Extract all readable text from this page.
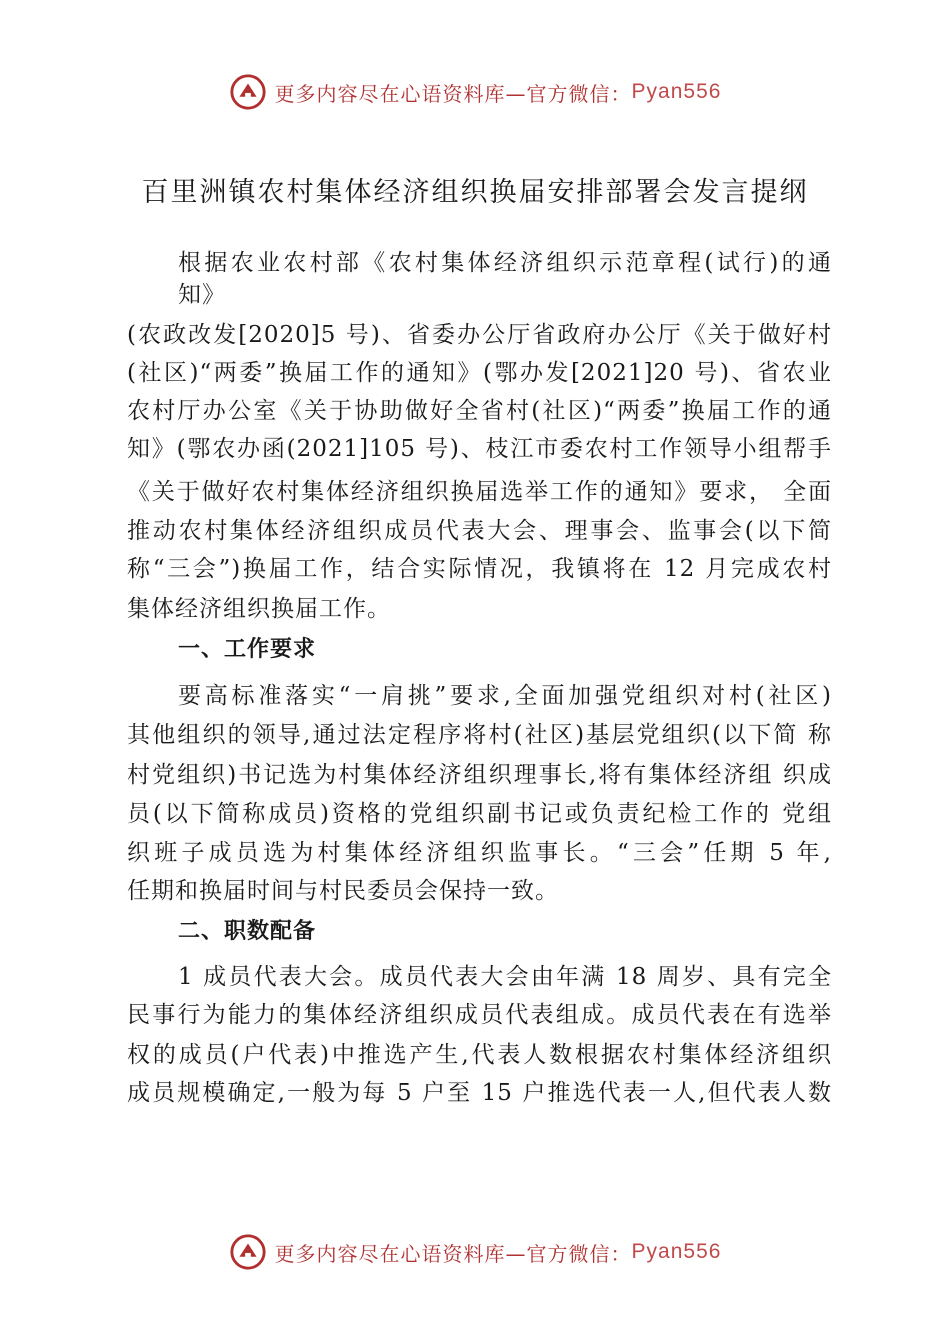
更多内容尽在心语资料库—官方微信： Pyan556
百里洲镇农村集体经济组织换届安排部署会发言提纲
根据农业农村部《农村集体经济组织示范章程(试行)的通
知》
(农政改发[2020]5 号)、省委办公厅省政府办公厅《关于做好村
(社区)“两委”换届工作的通知》(鄂办发[2021]20 号)、省农业
农村厅办公室《关于协助做好全省村(社区)“两委”换届工作的通
知》(鄂农办函(2021]105 号)、枝江市委农村工作领导小组帮手
《关于做好农村集体经济组织换届选举工作的通知》要求， 全面
推动农村集体经济组织成员代表大会、理事会、监事会(以下简
称“三会”)换届工作，结合实际情况，我镇将在 12 月完成农村
集体经济组织换届工作。
一、工作要求
要高标准落实“一肩挑”要求,全面加强党组织对村(社区)
其他组织的领导,通过法定程序将村(社区)基层党组织(以下简 称
村党组织)书记选为村集体经济组织理事长,将有集体经济组 织成
员(以下简称成员)资格的党组织副书记或负责纪检工作的 党组
织班子成员选为村集体经济组织监事长。“三会”任期 5 年,
任期和换届时间与村民委员会保持一致。
二、职数配备
1 成员代表大会。成员代表大会由年满 18 周岁、具有完全
民事行为能力的集体经济组织成员代表组成。成员代表在有选举
权的成员(户代表)中推选产生,代表人数根据农村集体经济组织
成员规模确定,一般为每 5 户至 15 户推选代表一人,但代表人数
更多内容尽在心语资料库—官方微信： Pyan556
